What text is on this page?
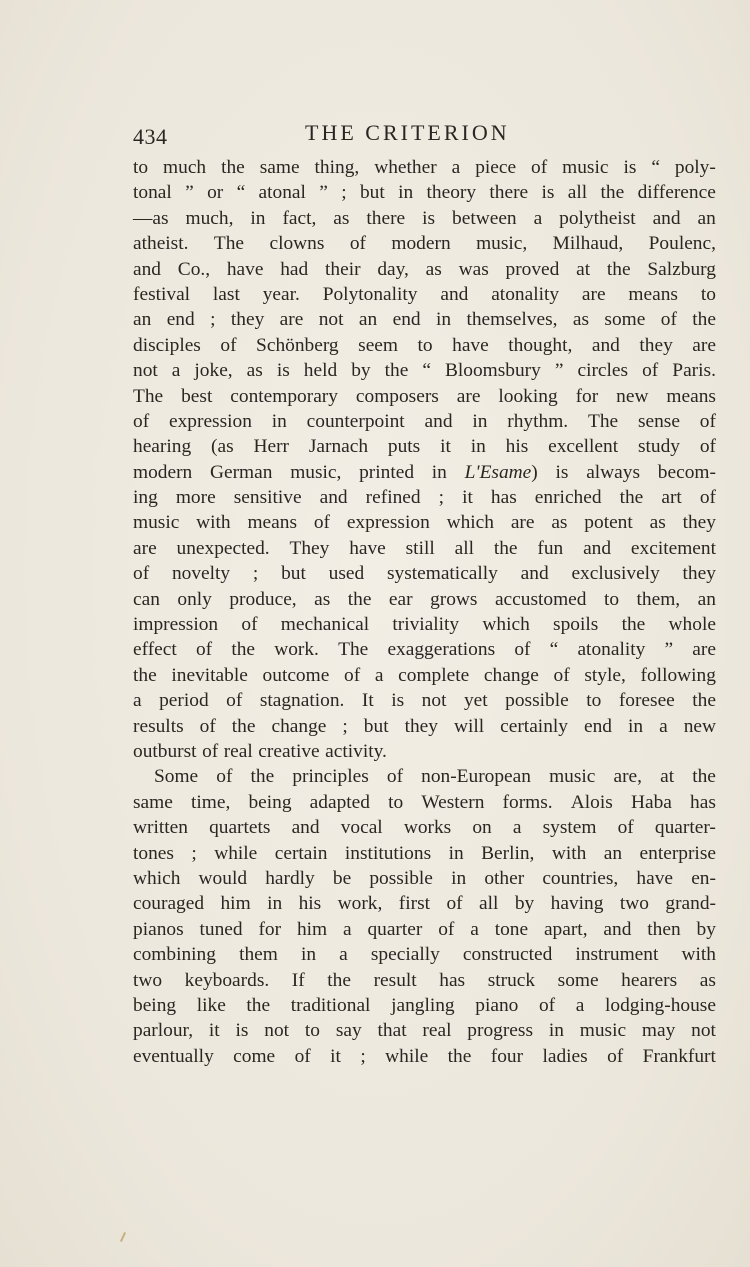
434	THE CRITERION
to much the same thing, whether a piece of music is “ poly-
tonal ” or “ atonal ” ; but in theory there is all the difference
—as much, in fact, as there is between a polytheist and an
atheist. The clowns of modern music, Milhaud, Poulenc,
and Co., have had their day, as was proved at the Salzburg
festival last year. Polytonality and atonality are means to
an end ; they are not an end in themselves, as some of the
disciples of Schönberg seem to have thought, and they are
not a joke, as is held by the “ Bloomsbury ” circles of Paris.
The best contemporary composers are looking for new means
of expression in counterpoint and in rhythm. The sense of
hearing (as Herr Jarnach puts it in his excellent study of
modern German music, printed in L'Esame) is always becom-
ing more sensitive and refined ; it has enriched the art of
music with means of expression which are as potent as they
are unexpected. They have still all the fun and excitement
of novelty ; but used systematically and exclusively they
can only produce, as the ear grows accustomed to them, an
impression of mechanical triviality which spoils the whole
effect of the work. The exaggerations of “ atonality ” are
the inevitable outcome of a complete change of style, following
a period of stagnation. It is not yet possible to foresee the
results of the change ; but they will certainly end in a new
outburst of real creative activity.
Some of the principles of non-European music are, at the
same time, being adapted to Western forms. Alois Haba has
written quartets and vocal works on a system of quarter-
tones ; while certain institutions in Berlin, with an enterprise
which would hardly be possible in other countries, have en-
couraged him in his work, first of all by having two grand-
pianos tuned for him a quarter of a tone apart, and then by
combining them in a specially constructed instrument with
two keyboards. If the result has struck some hearers as
being like the traditional jangling piano of a lodging-house
parlour, it is not to say that real progress in music may not
eventually come of it ; while the four ladies of Frankfurt
